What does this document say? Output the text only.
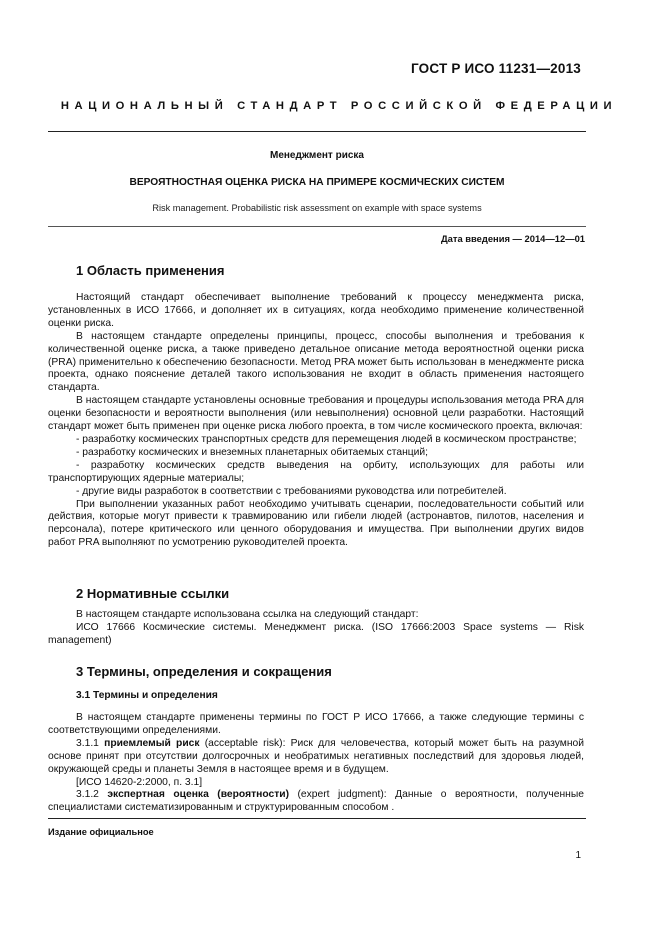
ГОСТ Р ИСО 11231—2013

НАЦИОНАЛЬНЫЙ СТАНДАРТ РОССИЙСКОЙ ФЕДЕРАЦИИ

Менеджмент риска

ВЕРОЯТНОСТНАЯ ОЦЕНКА РИСКА НА ПРИМЕРЕ КОСМИЧЕСКИХ СИСТЕМ

Risk management. Probabilistic risk assessment on example with space systems

Дата введения — 2014—12—01

1 Область применения

Настоящий стандарт обеспечивает выполнение требований к процессу менеджмента риска, установленных в ИСО 17666, и дополняет их в ситуациях, когда необходимо применение количественной оценки риска.

В настоящем стандарте определены принципы, процесс, способы выполнения и требования к количественной оценке риска, а также приведено детальное описание метода вероятностной оценки риска (PRA) применительно к обеспечению безопасности. Метод PRA может быть использован в менеджменте риска проекта, однако пояснение деталей такого использования не входит в область применения настоящего стандарта.

В настоящем стандарте установлены основные требования и процедуры использования метода PRA для оценки безопасности и вероятности выполнения (или невыполнения) основной цели разработки. Настоящий стандарт может быть применен при оценке риска любого проекта, в том числе космического проекта, включая:

- разработку космических транспортных средств для перемещения людей в космическом пространстве;

- разработку космических и внеземных планетарных обитаемых станций;

- разработку космических средств выведения на орбиту, использующих для работы или транспортирующих ядерные материалы;

- другие виды разработок в соответствии с требованиями руководства или потребителей.

При выполнении указанных работ необходимо учитывать сценарии, последовательности событий или действия, которые могут привести к травмированию или гибели людей (астронавтов, пилотов, населения и персонала), потере критического или ценного оборудования и имущества. При выполнении других видов работ PRA выполняют по усмотрению руководителей проекта.

2 Нормативные ссылки

В настоящем стандарте использована ссылка на следующий стандарт:

ИСО 17666 Космические системы. Менеджмент риска. (ISO 17666:2003 Space systems — Risk management)

3 Термины, определения и сокращения
3.1 Термины и определения

В настоящем стандарте применены термины по ГОСТ Р ИСО 17666, а также следующие термины с соответствующими определениями.

3.1.1 приемлемый риск (acceptable risk): Риск для человечества, который может быть на разумной основе принят при отсутствии долгосрочных и необратимых негативных последствий для здоровья людей, окружающей среды и планеты Земля в настоящее время и в будущем.

[ИСО 14620-2:2000, п. 3.1]

3.1.2 экспертная оценка (вероятности) (expert judgment): Данные о вероятности, полученные специалистами систематизированным и структурированным способом .

Издание официальное

1
